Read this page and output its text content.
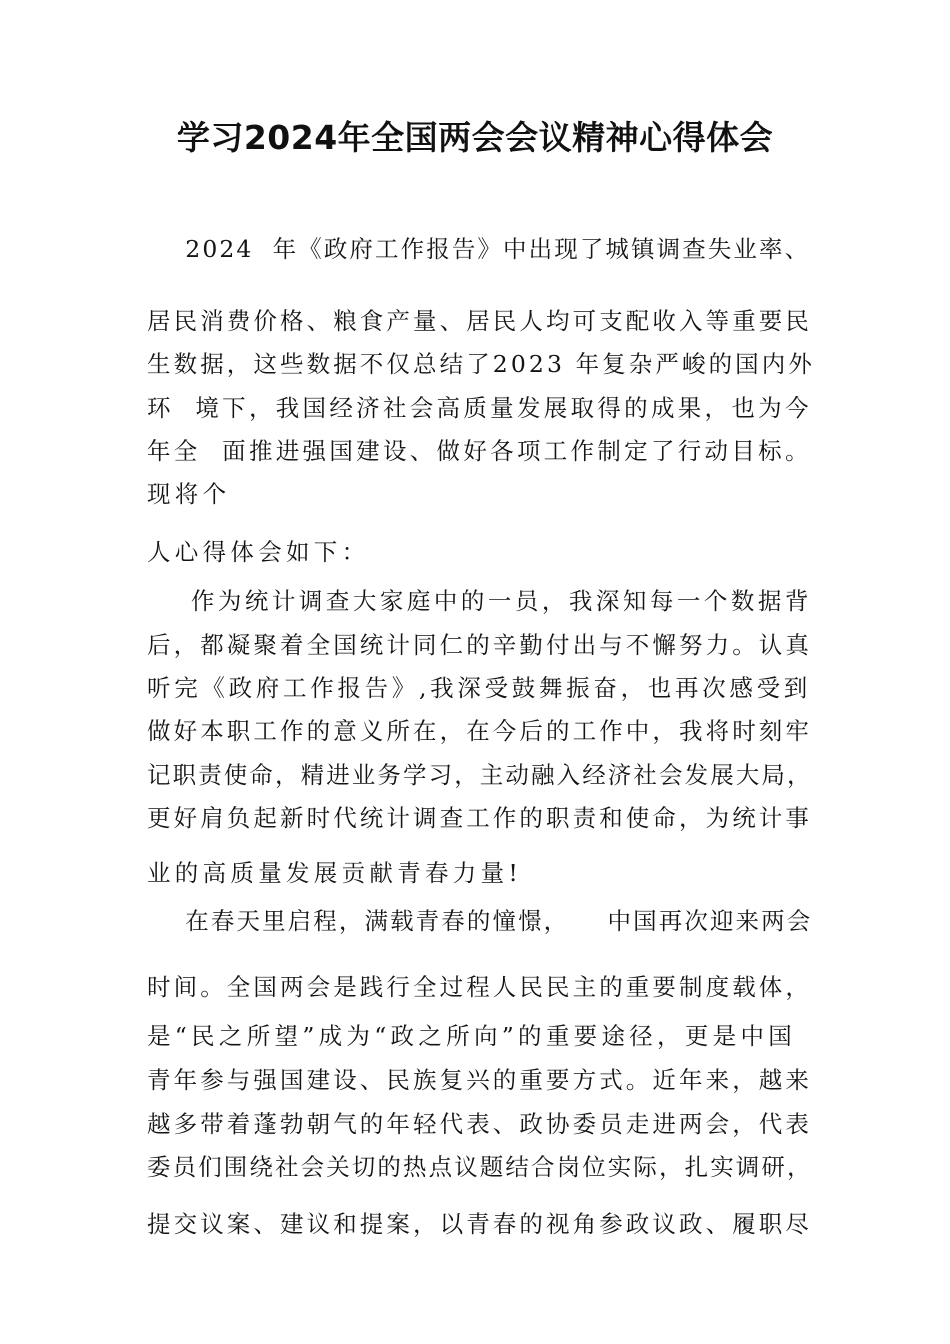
学习2024年全国两会会议精神心得体会
2024  年《政府工作报告》中出现了城镇调查失业率、
居民消费价格、粮食产量、居民人均可支配收入等重要民
生数据，这些数据不仅总结了2023 年复杂严峻的国内外
环  境下，我国经济社会高质量发展取得的成果，也为今
年全  面推进强国建设、做好各项工作制定了行动目标。
现将个
人心得体会如下：
作为统计调查大家庭中的一员，我深知每一个数据背
后，都凝聚着全国统计同仁的辛勤付出与不懈努力。认真
听完《政府工作报告》,我深受鼓舞振奋，也再次感受到
做好本职工作的意义所在，在今后的工作中，我将时刻牢
记职责使命，精进业务学习，主动融入经济社会发展大局，
更好肩负起新时代统计调查工作的职责和使命，为统计事
业的高质量发展贡献青春力量!
在春天里启程，满载青春的憧憬，    中国再次迎来两会
时间。全国两会是践行全过程人民民主的重要制度载体，
是“民之所望”成为“政之所向”的重要途径，更是中国
青年参与强国建设、民族复兴的重要方式。近年来，越来
越多带着蓬勃朝气的年轻代表、政协委员走进两会，代表
委员们围绕社会关切的热点议题结合岗位实际，扎实调研，
提交议案、建议和提案，以青春的视角参政议政、履职尽
